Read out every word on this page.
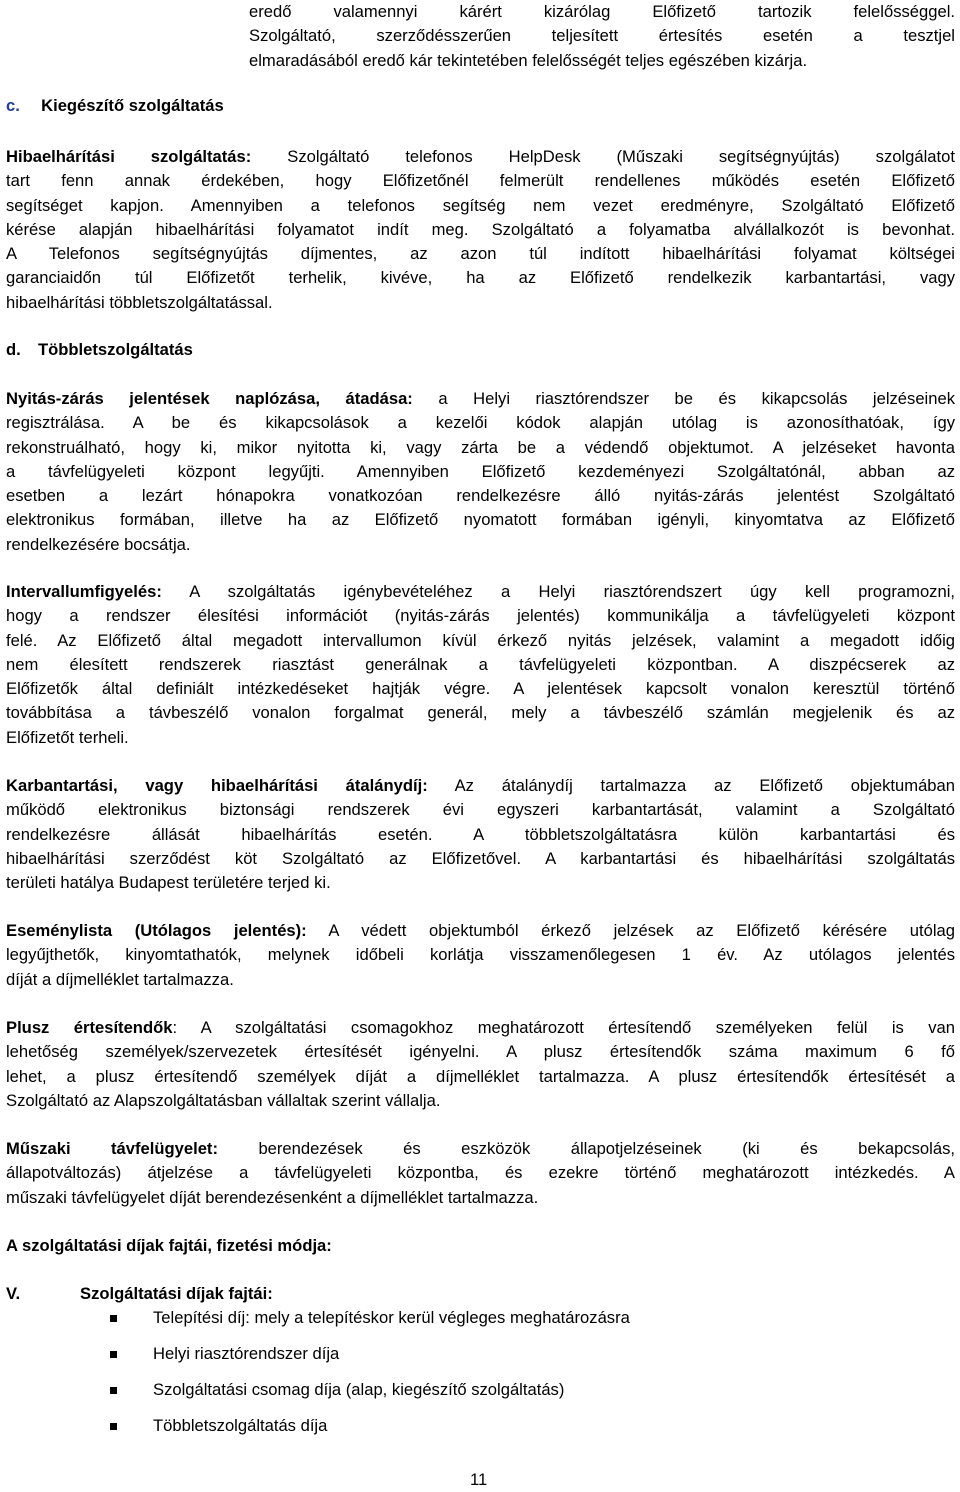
eredő valamennyi kárért kizárólag Előfizető tartozik felelősséggel.
Szolgáltató, szerződésszerűen teljesített értesítés esetén a tesztjel
elmaradásából eredő kár tekintetében felelősségét teljes egészében kizárja.
c. Kiegészítő szolgáltatás
Hibaelhárítási szolgáltatás: Szolgáltató telefonos HelpDesk (Műszaki segítségnyújtás) szolgálatot
tart fenn annak érdekében, hogy Előfizetőnél felmerült rendellenes működés esetén Előfizető
segítséget kapjon. Amennyiben a telefonos segítség nem vezet eredményre, Szolgáltató Előfizető
kérése alapján hibaelhárítási folyamatot indít meg. Szolgáltató a folyamatba alvállalkozót is bevonhat.
A Telefonos segítségnyújtás díjmentes, az azon túl indított hibaelhárítási folyamat költségei
garanciaidőn túl Előfizetőt terhelik, kivéve, ha az Előfizető rendelkezik karbantartási, vagy
hibaelhárítási többletszolgáltatással.
d. Többletszolgáltatás
Nyitás-zárás jelentések naplózása, átadása: a Helyi riasztórendszer be és kikapcsolás jelzéseinek
regisztrálása. A be és kikapcsolások a kezelői kódok alapján utólag is azonosíthatóak, így
rekonstruálható, hogy ki, mikor nyitotta ki, vagy zárta be a védendő objektumot. A jelzéseket havonta
a távfelügyeleti központ legyűjti. Amennyiben Előfizető kezdeményezi Szolgáltatónál, abban az
esetben a lezárt hónapokra vonatkozóan rendelkezésre álló nyitás-zárás jelentést Szolgáltató
elektronikus formában, illetve ha az Előfizető nyomatott formában igényli, kinyomtatva az Előfizető
rendelkezésére bocsátja.
Intervallumfigyelés: A szolgáltatás igénybevételéhez a Helyi riasztórendszert úgy kell programozni,
hogy a rendszer élesítési információt (nyitás-zárás jelentés) kommunikálja a távfelügyeleti központ
felé. Az Előfizető által megadott intervallumon kívül érkező nyitás jelzések, valamint a megadott időig
nem élesített rendszerek riasztást generálnak a távfelügyeleti központban. A diszpécserek az
Előfizetők által definiált intézkedéseket hajtják végre. A jelentések kapcsolt vonalon keresztül történő
továbbítása a távbeszélő vonalon forgalmat generál, mely a távbeszélő számlán megjelenik és az
Előfizetőt terheli.
Karbantartási, vagy hibaelhárítási átalánydíj: Az átalánydíj tartalmazza az Előfizető objektumában
működő elektronikus biztonsági rendszerek évi egyszeri karbantartását, valamint a Szolgáltató
rendelkezésre állását hibaelhárítás esetén. A többletszolgáltatásra külön karbantartási és
hibaelhárítási szerződést köt Szolgáltató az Előfizetővel. A karbantartási és hibaelhárítási szolgáltatás
területi hatálya Budapest területére terjed ki.
Eseménylista (Utólagos jelentés): A védett objektumból érkező jelzések az Előfizető kérésére utólag
legyűjthetők, kinyomtathatók, melynek időbeli korlátja visszamenőlegesen 1 év. Az utólagos jelentés
díját a díjmelléklet tartalmazza.
Plusz értesítendők: A szolgáltatási csomagokhoz meghatározott értesítendő személyeken felül is van
lehetőség személyek/szervezetek értesítését igényelni. A plusz értesítendők száma maximum 6 fő
lehet, a plusz értesítendő személyek díját a díjmelléklet tartalmazza. A plusz értesítendők értesítését a
Szolgáltató az Alapszolgáltatásban vállaltak szerint vállalja.
Műszaki távfelügyelet: berendezések és eszközök állapotjelzéseinek (ki és bekapcsolás,
állapotváltozás) átjelzése a távfelügyeleti központba, és ezekre történő meghatározott intézkedés. A
műszaki távfelügyelet díját berendezésenként a díjmelléklet tartalmazza.
A szolgáltatási díjak fajtái, fizetési módja:
V.	Szolgáltatási díjak fajtái:
Telepítési díj: mely a telepítéskor kerül végleges meghatározásra
Helyi riasztórendszer díja
Szolgáltatási csomag díja (alap, kiegészítő szolgáltatás)
Többletszolgáltatás díja
11
